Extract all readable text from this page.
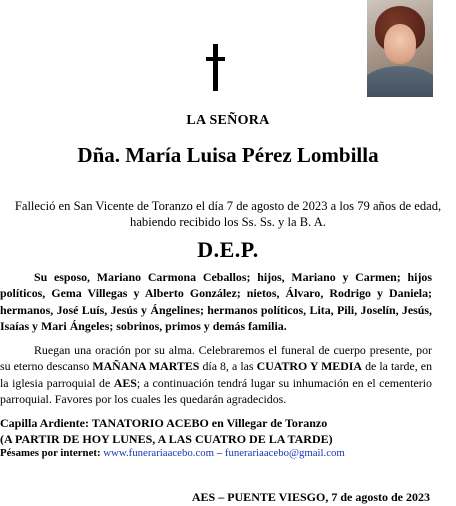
LA SEÑORA
Dña. María Luisa Pérez Lombilla
Falleció en San Vicente de Toranzo el día 7 de agosto de 2023 a los 79 años de edad, habiendo recibido los Ss. Ss. y la B. A.
D.E.P.
Su esposo, Mariano Carmona Ceballos; hijos, Mariano y Carmen; hijos políticos, Gema Villegas y Alberto González; nietos, Álvaro, Rodrigo y Daniela; hermanos, José Luís, Jesús y Ángelines; hermanos políticos, Lita, Pili, Joselín, Jesús, Isaías y Mari Ángeles; sobrinos, primos y demás familia.
Ruegan una oración por su alma. Celebraremos el funeral de cuerpo presente, por su eterno descanso MAÑANA MARTES día 8, a las CUATRO Y MEDIA de la tarde, en la iglesia parroquial de AES; a continuación tendrá lugar su inhumación en el cementerio parroquial. Favores por los cuales les quedarán agradecidos.
Capilla Ardiente: TANATORIO ACEBO en Villegar de Toranzo
(A PARTIR DE HOY LUNES, A LAS CUATRO DE LA TARDE)
Pésames por internet: www.funerariaacebo.com – funerariaacebo@gmail.com
AES – PUENTE VIESGO, 7 de agosto de 2023
